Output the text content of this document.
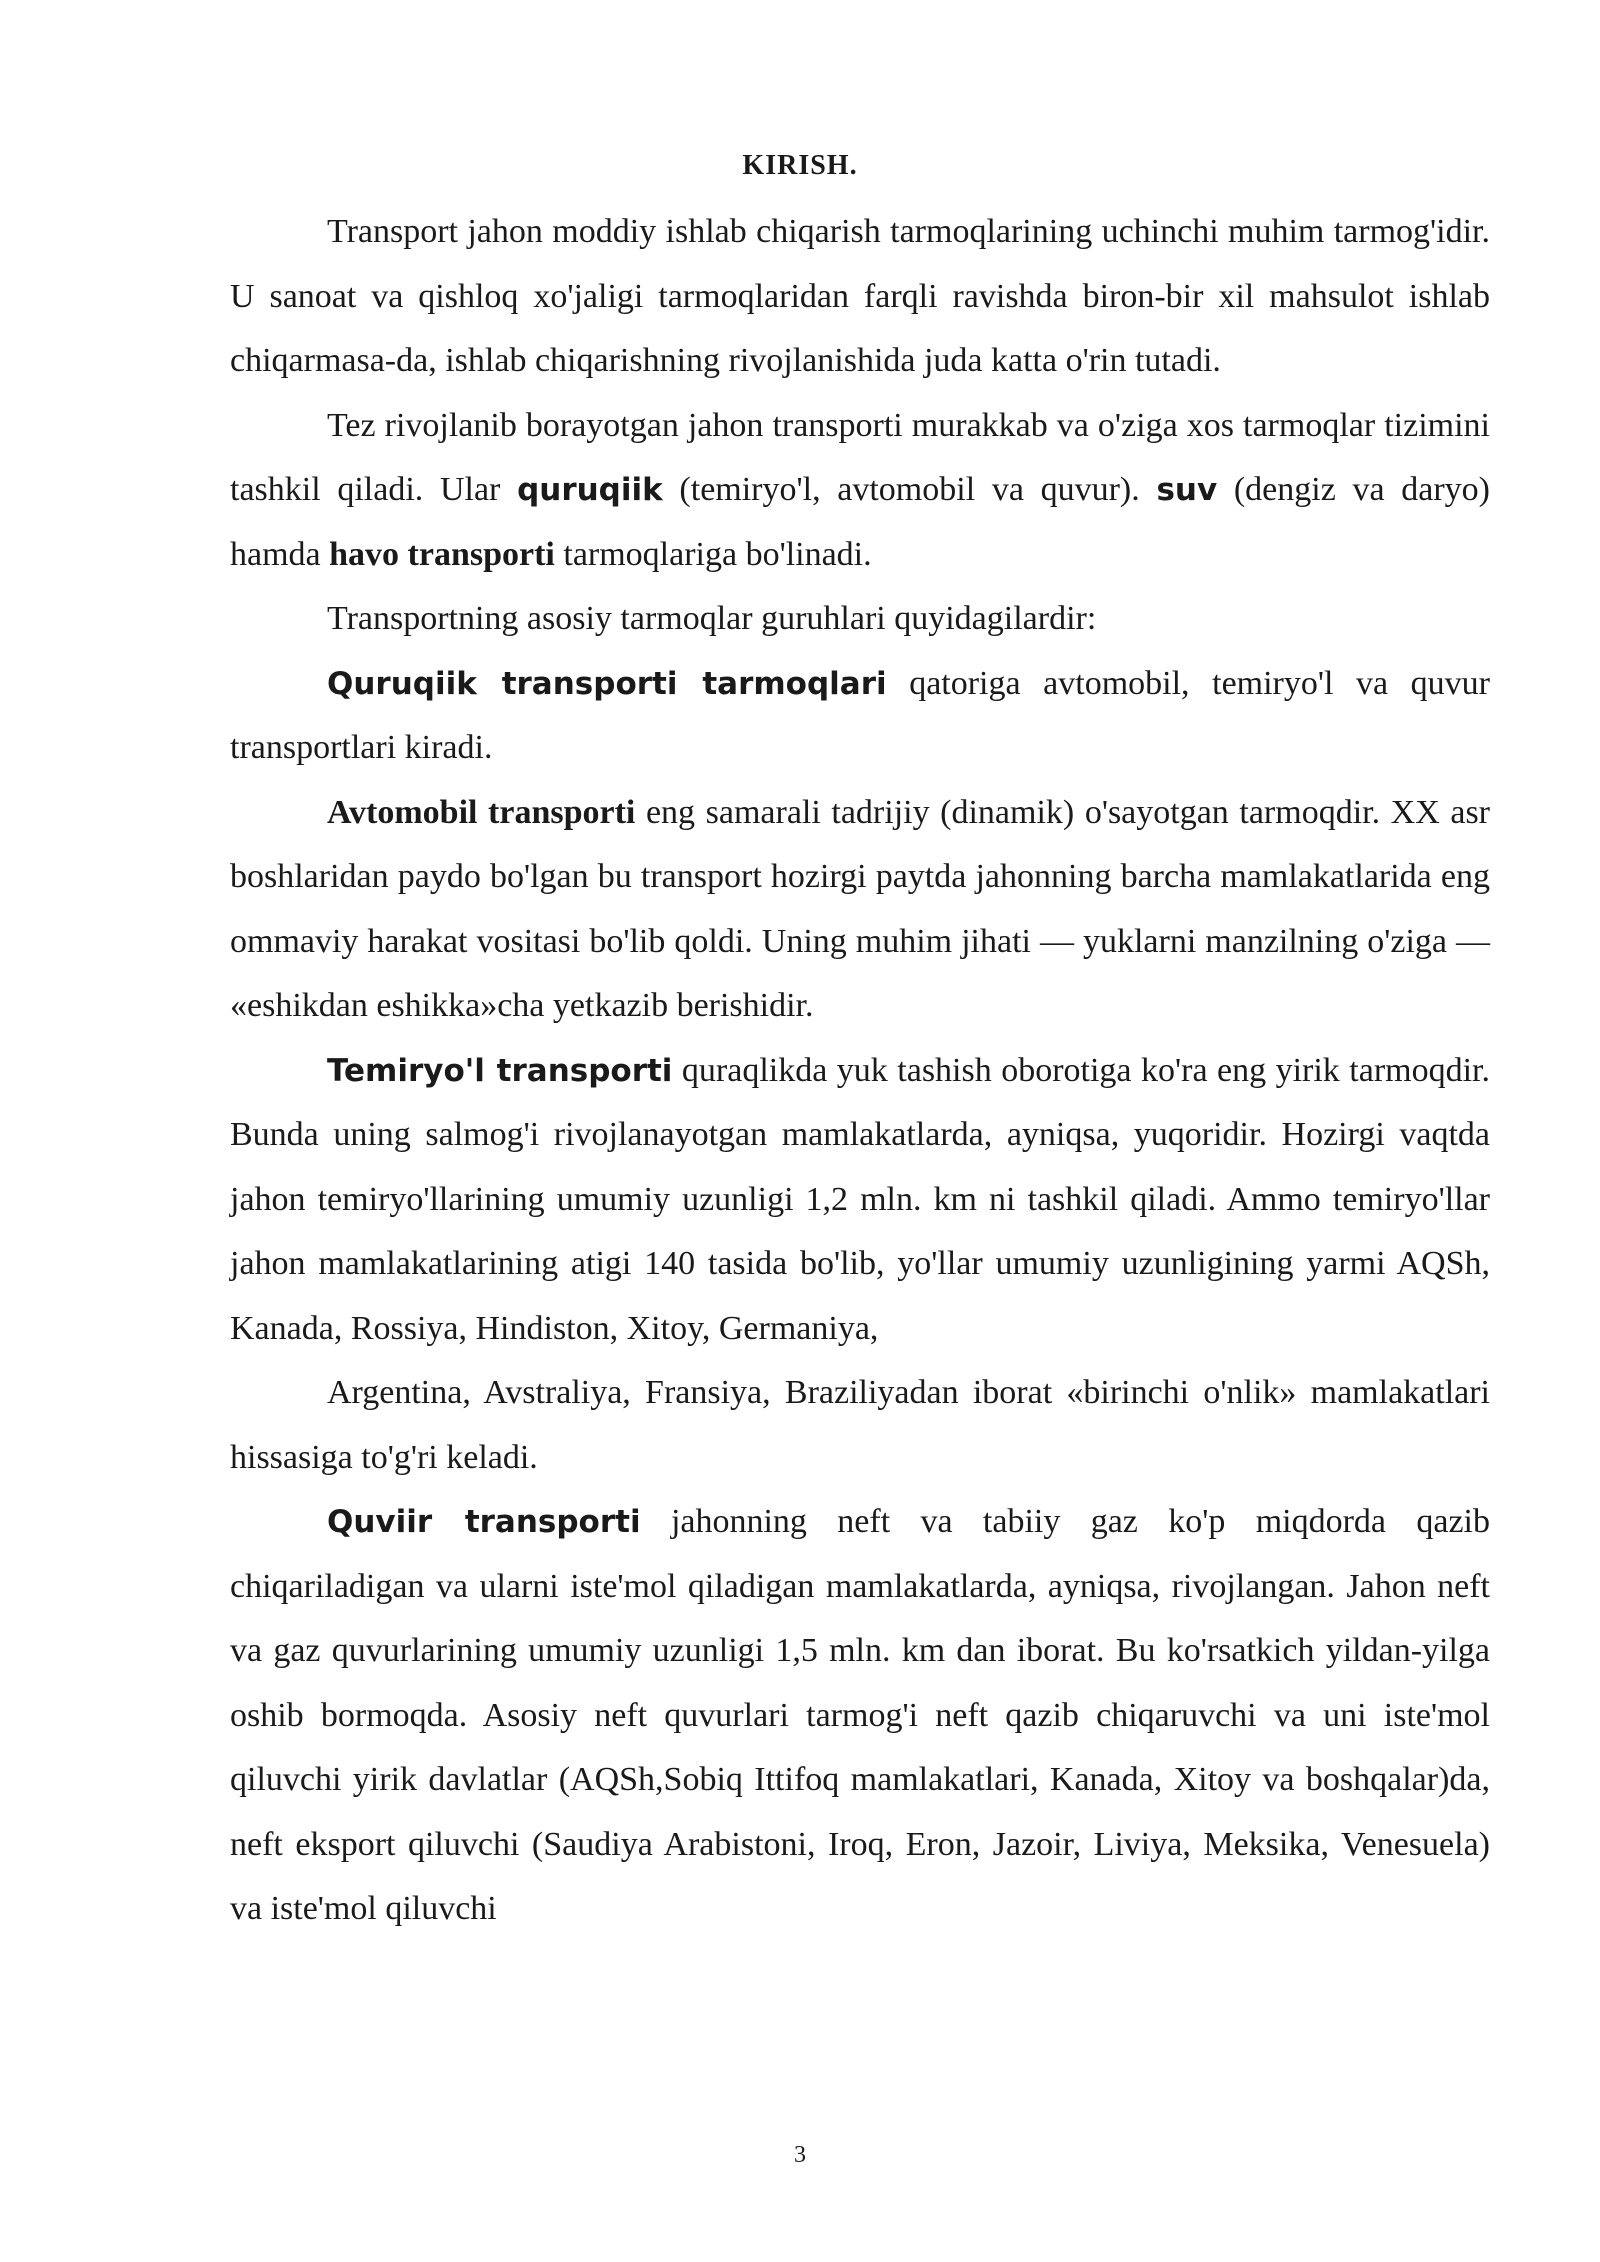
KIRISH.

Transport jahon moddiy ishlab chiqarish tarmoqlarining uchinchi muhim tarmog'idir. U sanoat va qishloq xo'jaligi tarmoqlaridan farqli ravishda biron-bir xil mahsulot ishlab chiqarmasa-da, ishlab chiqarishning rivojlanishida juda katta o'rin tutadi.

Tez rivojlanib borayotgan jahon transporti murakkab va o'ziga xos tarmoqlar tizimini tashkil qiladi. Ular quruqiik (temiryo'l, avtomobil va quvur). suv (dengiz va daryo) hamda havo transporti tarmoqlariga bo'linadi.

Transportning asosiy tarmoqlar guruhlari quyidagilardir:

Quruqiik transporti tarmoqlari qatoriga avtomobil, temiryo'l va quvur transportlari kiradi.

Avtomobil transporti eng samarali tadrijiy (dinamik) o'sayotgan tarmoqdir. XX asr boshlaridan paydo bo'lgan bu transport hozirgi paytda jahonning barcha mamlakatlarida eng ommaviy harakat vositasi bo'lib qoldi. Uning muhim jihati — yuklarni manzilning o'ziga — «eshikdan eshikka»cha yetkazib berishidir.

Temiryo'l transporti quraqlikda yuk tashish oborotiga ko'ra eng yirik tarmoqdir. Bunda uning salmog'i rivojlanayotgan mamlakatlarda, ayniqsa, yuqoridir. Hozirgi vaqtda jahon temiryo'llarining umumiy uzunligi 1,2 mln. km ni tashkil qiladi. Ammo temiryo'llar jahon mamlakatlarining atigi 140 tasida bo'lib, yo'llar umumiy uzunligining yarmi AQSh, Kanada, Rossiya, Hindiston, Xitoy, Germaniya,

Argentina, Avstraliya, Fransiya, Braziliyadan iborat «birinchi o'nlik» mamlakatlari hissasiga to'g'ri keladi.

Quviir transporti jahonning neft va tabiiy gaz ko'p miqdorda qazib chiqariladigan va ularni iste'mol qiladigan mamlakatlarda, ayniqsa, rivojlangan. Jahon neft va gaz quvurlarining umumiy uzunligi 1,5 mln. km dan iborat. Bu ko'rsatkich yildan-yilga oshib bormoqda. Asosiy neft quvurlari tarmog'i neft qazib chiqaruvchi va uni iste'mol qiluvchi yirik davlatlar (AQSh,Sobiq Ittifoq mamlakatlari, Kanada, Xitoy va boshqalar)da, neft eksport qiluvchi (Saudiya Arabistoni, Iroq, Eron, Jazoir, Liviya, Meksika, Venesuela) va iste'mol qiluvchi

3
